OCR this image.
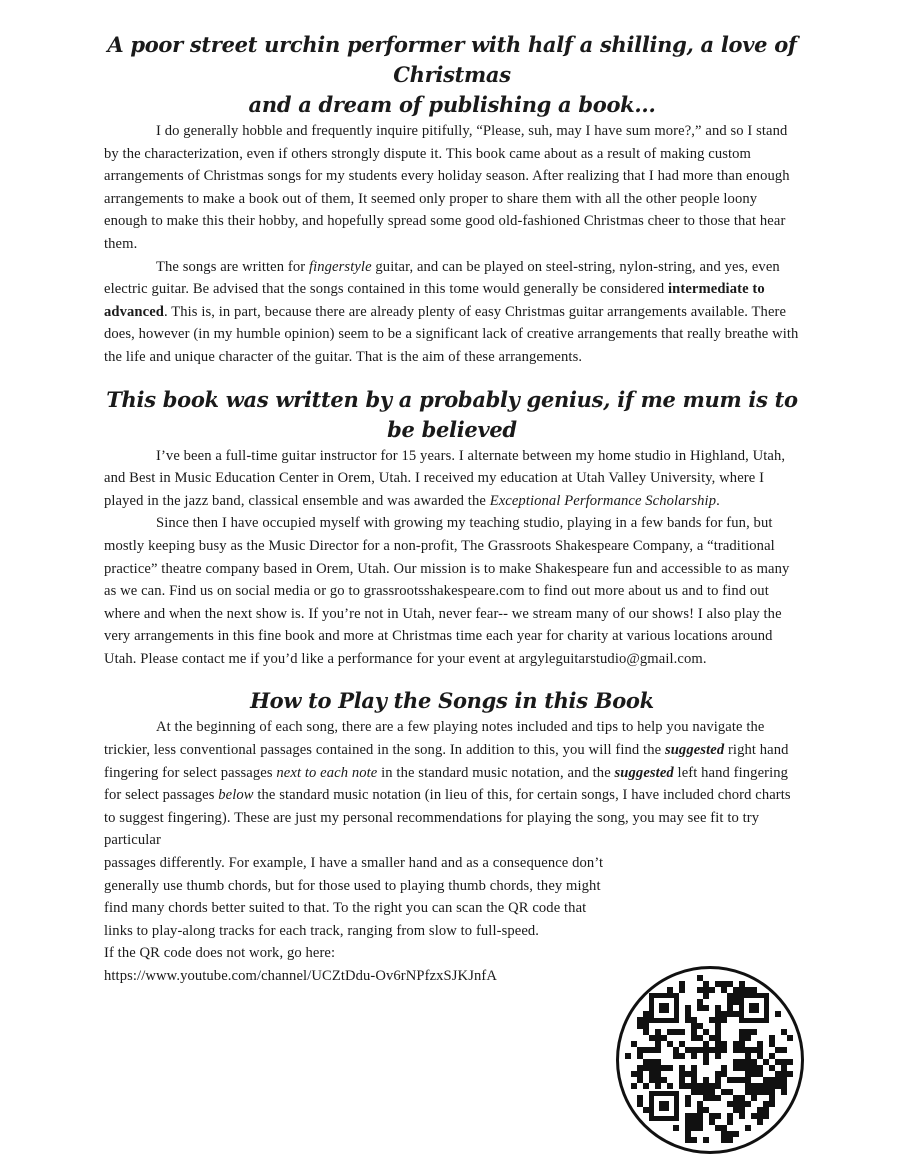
A poor street urchin performer with half a shilling, a love of Christmas
and a dream of publishing a book...

I do generally hobble and frequently inquire pitifully, “Please, suh, may I have sum more?,” and so I stand by the characterization, even if others strongly dispute it. This book came about as a result of making custom arrangements of Christmas songs for my students every holiday season. After realizing that I had more than enough arrangements to make a book out of them, It seemed only proper to share them with all the other people loony enough to make this their hobby, and hopefully spread some good old-fashioned Christmas cheer to those that hear them.

The songs are written for fingerstyle guitar, and can be played on steel-string, nylon-string, and yes, even electric guitar. Be advised that the songs contained in this tome would generally be considered intermediate to advanced. This is, in part, because there are already plenty of easy Christmas guitar arrangements available. There does, however (in my humble opinion) seem to be a significant lack of creative arrangements that really breathe with the life and unique character of the guitar. That is the aim of these arrangements.

This book was written by a probably genius, if me mum is to be believed

I’ve been a full-time guitar instructor for 15 years. I alternate between my home studio in Highland, Utah, and Best in Music Education Center in Orem, Utah. I received my education at Utah Valley University, where I played in the jazz band, classical ensemble and was awarded the Exceptional Performance Scholarship.

Since then I have occupied myself with growing my teaching studio, playing in a few bands for fun, but mostly keeping busy as the Music Director for a non-profit, The Grassroots Shakespeare Company, a “traditional practice” theatre company based in Orem, Utah. Our mission is to make Shakespeare fun and accessible to as many as we can. Find us on social media or go to grassrootsshakespeare.com to find out more about us and to find out where and when the next show is. If you’re not in Utah, never fear-- we stream many of our shows! I also play the very arrangements in this fine book and more at Christmas time each year for charity at various locations around Utah. Please contact me if you’d like a performance for your event at argyleguitarstudio@gmail.com.

How to Play the Songs in this Book

At the beginning of each song, there are a few playing notes included and tips to help you navigate the trickier, less conventional passages contained in the song. In addition to this, you will find the suggested right hand fingering for select passages next to each note in the standard music notation, and the suggested left hand fingering for select passages below the standard music notation (in lieu of this, for certain songs, I have included chord charts to suggest fingering). These are just my personal recommendations for playing the song, you may see fit to try particular

passages differently. For example, I have a smaller hand and as a consequence don’t generally use thumb chords, but for those used to playing thumb chords, they might find many chords better suited to that. To the right you can scan the QR code that links to play-along tracks for each track, ranging from slow to full-speed.

If the QR code does not work, go here:

https://www.youtube.com/channel/UCZtDdu-Ov6rNPfzxSJKJnfA
